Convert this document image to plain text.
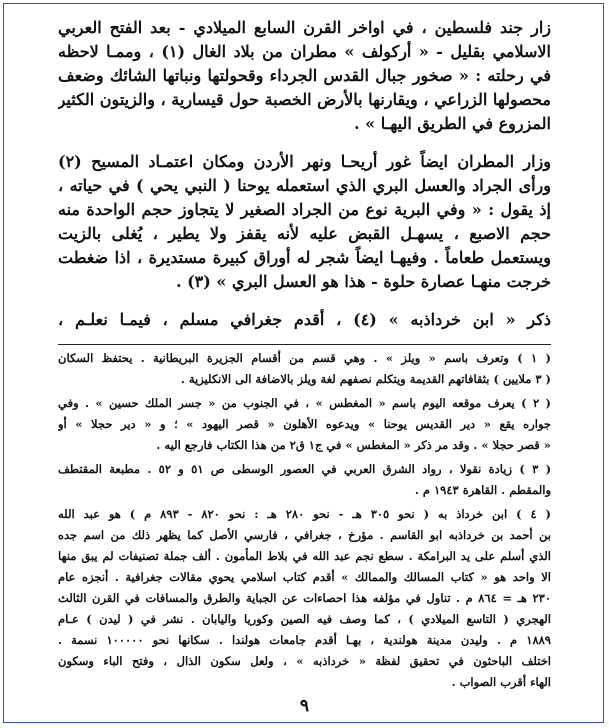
زار جند فلسطين ، في اواخر القرن السابع الميلادي - بعد الفتح العربي
الاسلامي بقليل - « أركولف » مطران من بلاد الغال (١) ، وممـا لاحظه
في رحلته : « صخور جبال القدس الجرداء وقحولتها ونباتها الشائك وضعف
محصولها الزراعي ، ويقارنها بالأرض الخصبة حول قيسارية ، والزيتون الكثير
المزروع في الطريق اليهـا » .
وزار المطران ايضاً غور أريحـا ونهر الأردن ومكان اعتمـاد المسيح (٢)
ورأى الجراد والعسل البري الذي استعمله يوحنا ( النبي يحي ) في حياته ،
إذ يقول : « وفي البرية نوع من الجراد الصغير لا يتجاوز حجم الواحدة منه
حجم الاصبع ، يسهـل القبض عليه لأنه يقفز ولا يطير ، يُغلى بالزيت
ويستعمل طعاماً . وفيهـا ايضاً شجر له أوراق كبيرة مستديرة ، اذا ضغطت
خرجت منهـا عصارة حلوة - هذا هو العسل البري » (٣) .
ذكر « ابن خرداذبه » (٤) ، أقدم جغرافي مسلم ، فيمـا نعلـم ،
( ١ ) وتعرف باسم « ويلز » . وهي قسم من أقسام الجزيرة البريطانية . يحتفظ السكان
( ٣ ملايين ) بثقافاتهم القديمة ويتكلم نصفهم لغة ويلز بالاضافة الى الانكليزية .
( ٢ ) يعرف موقعه اليوم باسم « المغطس » ، في الجنوب من « جسر الملك حسين » . وفي
جواره يقع « دير القديس يوحنا » ويدعوه الأهلون « قصر اليهود » ؛ و « دير حجلا » أو
« قصر حجلا » . وقد مر ذكر « المغطس » في ج١ ق٢ من هذا الكتاب فارجع اليه .
( ٣ ) زيادة نقولا ، رواد الشرق العربي في العصور الوسطى ص ٥١ و ٥٢ . مطبعة المقتطف
والمقطم . القاهرة ١٩٤٣ م .
( ٤ ) ابن خرداذ به ( نحو ٣٠٥ هـ - نحو ٢٨٠ هـ : نحو ٨٢٠ - ٨٩٣ م ) هو عبد الله
بن أحمد بن خرداذبه ابو القاسم . مؤرخ ، جغرافي ، فارسي الأصل كما يظهر ذلك من اسم جده
الذي أسلم على يد البرامكة . سطع نجم عبد الله في بلاط المأمون . ألف جملة تصنيفات لم يبق منها
الا واحد هو « كتاب المسالك والممالك » أقدم كتاب اسلامي يحوي مقالات جغرافية . أنجزه عام
٢٣٠ هـ = ٨٦٤ م . تناول في مؤلفه هذا احصاءات عن الجباية والطرق والمسافات في القرن الثالث
الهجري ( التاسع الميلادي ) ، كما وصف فيه الصين وكوريا واليابان . نشر في ( ليدن ) عـام
١٨٨٩ م . وليدن مدينة هولندية ، بهـا أقدم جامعات هولندا . سكانها نحو ١٠٠٠٠٠ نسمة .
اختلف الباحثون في تحقيق لفظة « خرداذبه » ، ولعل سكون الذال ، وفتح الباء وسكون
الهاء أقرب الصواب .
٩
